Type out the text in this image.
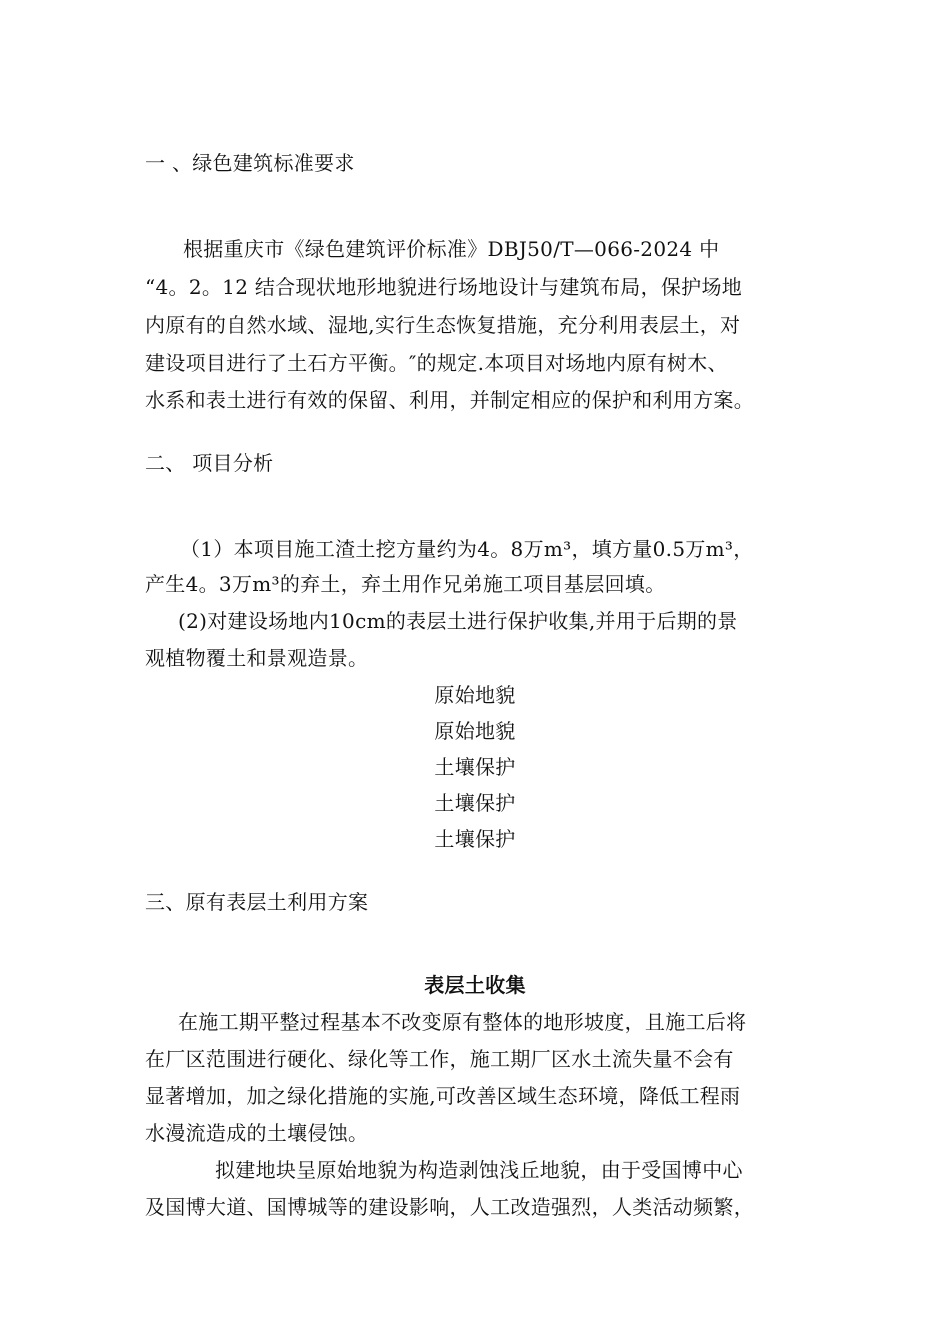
一 、绿色建筑标准要求
根据重庆市《绿色建筑评价标准》DBJ50/T—066-2024 中
“4。2。12 结合现状地形地貌进行场地设计与建筑布局，保护场地
内原有的自然水域、湿地,实行生态恢复措施，充分利用表层土，对
建设项目进行了土石方平衡。″的规定.本项目对场地内原有树木、
水系和表土进行有效的保留、利用，并制定相应的保护和利用方案。
二、 项目分析
（1）本项目施工渣土挖方量约为4。8万m³，填方量0.5万m³，
产生4。3万m³的弃土，弃土用作兄弟施工项目基层回填。
(2)对建设场地内10cm的表层土进行保护收集,并用于后期的景
观植物覆土和景观造景。
原始地貌
原始地貌
土壤保护
土壤保护
土壤保护
三、原有表层土利用方案
表层土收集
在施工期平整过程基本不改变原有整体的地形坡度，且施工后将
在厂区范围进行硬化、绿化等工作，施工期厂区水土流失量不会有
显著增加，加之绿化措施的实施,可改善区域生态环境，降低工程雨
水漫流造成的土壤侵蚀。
拟建地块呈原始地貌为构造剥蚀浅丘地貌，由于受国博中心
及国博大道、国博城等的建设影响，人工改造强烈，人类活动频繁，
